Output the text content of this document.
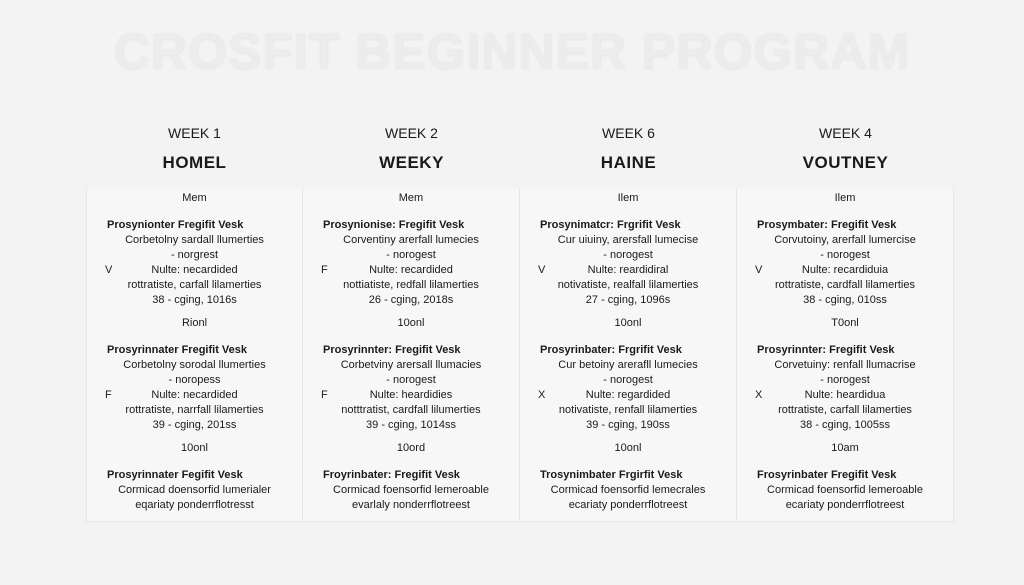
CROSFIT BEGINNER PROGRAM
WEEK 1
HOMEL
Mem
Prosynionter Fregifit Vesk
Corbetolny sardall llumerties
- norgrest
V	Nulte: necardided
rottratiste, carfall lilamerties
38 - cging, 1016s
Rionl
Prosyrinnater Fregifit Vesk
Corbetolny sorodal llumerties
- noropess
F	Nulte: necardided
rottratiste, narrfall lilamerties
39 - cging, 201ss
10onl
Prosyrinnater Fegifit Vesk
Cormicad doensorfid lumerialer
eqariaty ponderrflotresst
WEEK 2
WEEKY
Mem
Prosynionise: Fregifit Vesk
Corventiny arerfall lumecies
- norogest
F	Nulte: recardided
nottiatiste, redfall lilamerties
26 - cging, 2018s
10onl
Prosyrinnter: Fregifit Vesk
Corbetviny arersall llumacies
- norogest
F	Nulte: heardidies
notttratist, cardfall lilumerties
39 - cging, 1014ss
10ord
Froyrinbater: Fregifit Vesk
Cormicad foensorfid lemeroable
evarlaly nonderrflotreest
WEEK 6
HAINE
Ilem
Prosynimatcr: Frgrifit Vesk
Cur uiuiny, arersfall lumecise
- norogest
V	Nulte: reardidiral
notivatiste, realfall lilamerties
27 - cging, 1096s
10onl
Prosyrinbater: Frgrifit Vesk
Cur betoiny arerafll lumecies
- norogest
X	Nulte: regardided
notivatiste, renfall lilamerties
39 - cging, 190ss
10onl
Trosynimbater Frgirfit Vesk
Cormicad foensorfid lemecrales
ecariaty ponderrflotreest
WEEK 4
VOUTNEY
Ilem
Prosymbater: Fregifit Vesk
Corvutoiny, arerfall lumercise
- norogest
V	Nulte: recardiduia
rottratiste, cardfall lilamerties
38 - cging, 010ss
T0onl
Prosyrinnter: Fregifit Vesk
Corvetuiny: renfall llumacrise
- norogest
X	Nulte: heardidua
rottratiste, carfall lilamerties
38 - cging, 1005ss
10am
Frosyrinbater Fregifit Vesk
Cormicad foensorfid lemeroable
ecariaty ponderrflotreest
